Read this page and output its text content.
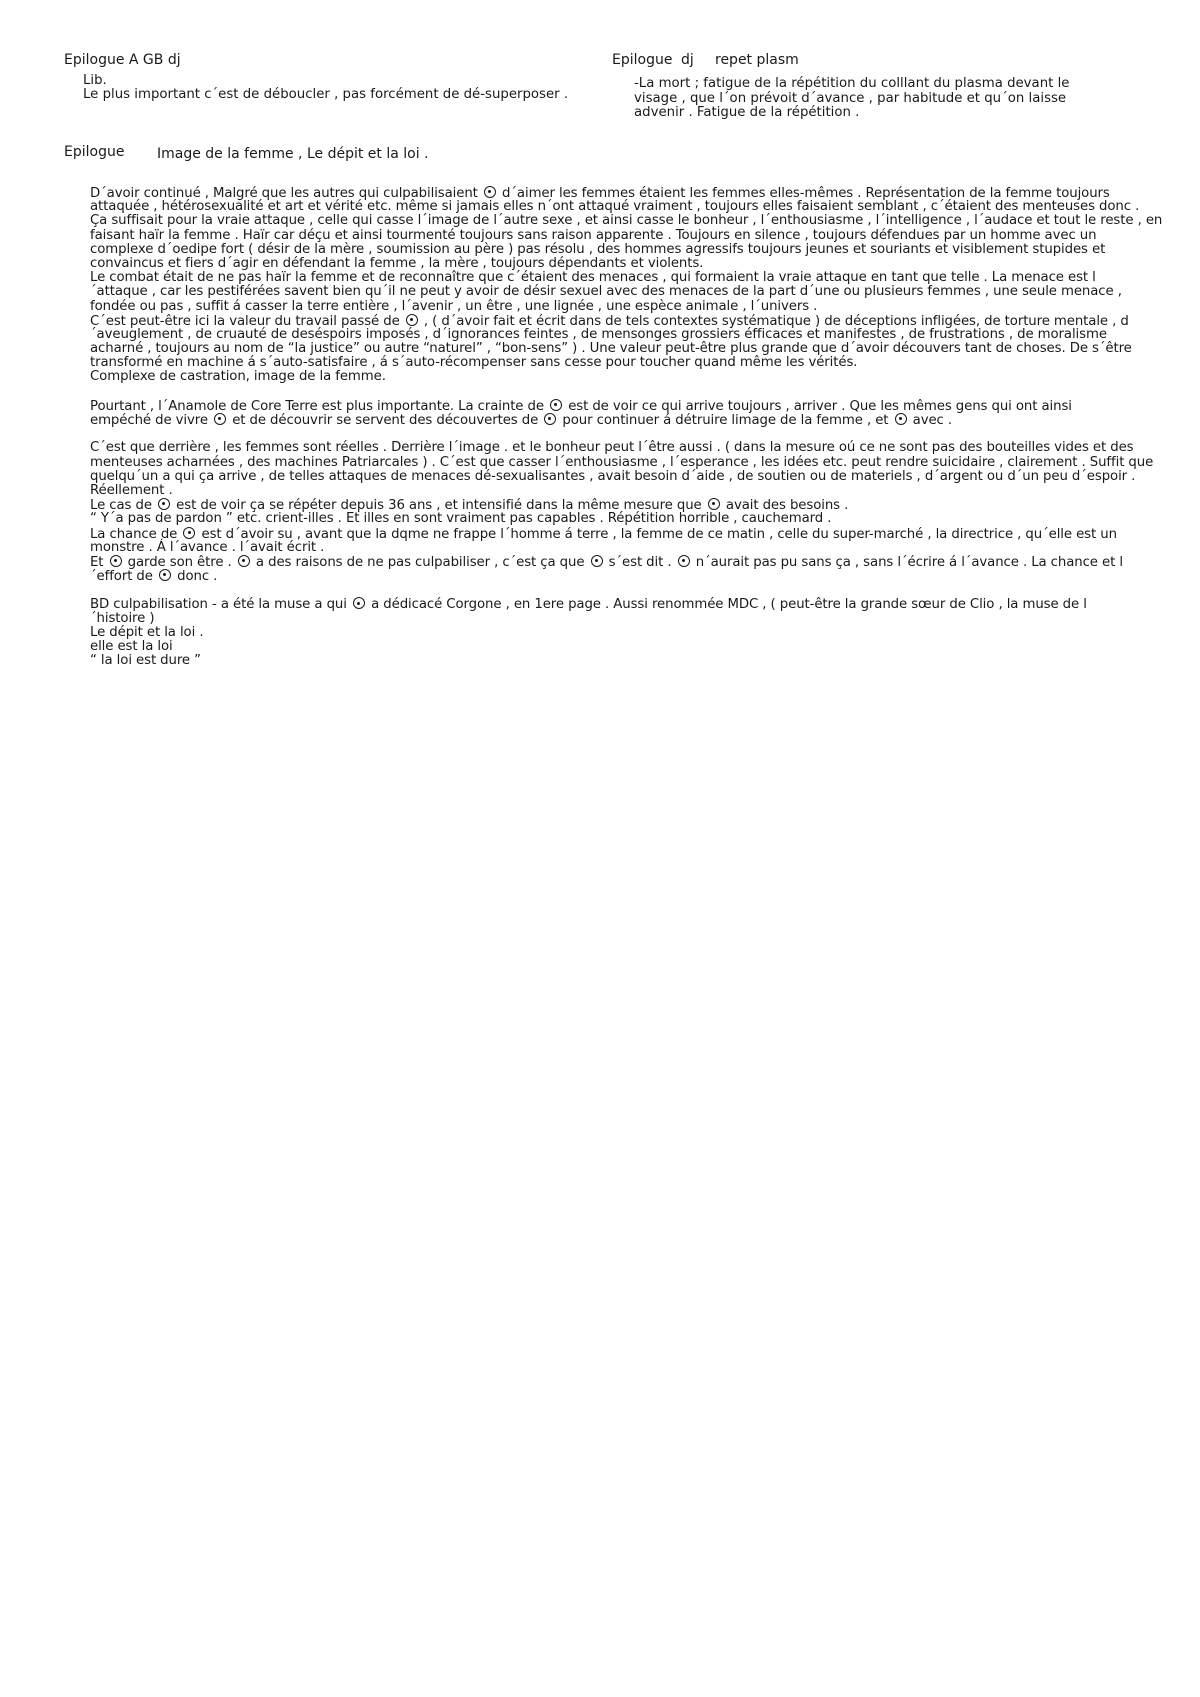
Epilogue A GB dj
Lib.
Le plus important c´est de déboucler , pas forcément de dé-superposer .
Epilogue dj repet plasm
-La mort ; fatigue de la répétition du colllant du plasma devant le
visage , que l´on prévoit d´avance , par habitude et qu´on laisse
advenir . Fatigue de la répétition .
Epilogue Image de la femme , Le dépit et la loi .
D´avoir continué , Malgré que les autres qui culpabilisaient  d´aimer les femmes étaient les femmes elles-mêmes . Représentation de la femme toujours
attaquée , hétérosexualité et art et vérité etc. même si jamais elles n´ont attaqué vraiment , toujours elles faisaient semblant , c´étaient des menteuses donc .
Ça suffisait pour la vraie attaque , celle qui casse l´image de l´autre sexe , et ainsi casse le bonheur , l´enthousiasme , l´intelligence , l´audace et tout le reste , en
faisant haïr la femme . Haïr car déçu et ainsi tourmenté toujours sans raison apparente . Toujours en silence , toujours défendues par un homme avec un
complexe d´oedipe fort ( désir de la mère , soumission au père ) pas résolu , des hommes agressifs toujours jeunes et souriants et visiblement stupides et
convaincus et fiers d´agir en défendant la femme , la mère , toujours dépendants et violents.
Le combat était de ne pas haïr la femme et de reconnaître que c´étaient des menaces , qui formaient la vraie attaque en tant que telle . La menace est l
´attaque , car les pestiférées savent bien qu´il ne peut y avoir de désir sexuel avec des menaces de la part d´une ou plusieurs femmes , une seule menace ,
fondée ou pas , suffit á casser la terre entière , l´avenir , un être , une lignée , une espèce animale , l´univers .
C´est peut-être ici la valeur du travail passé de  , ( d´avoir fait et écrit dans de tels contextes systématique ) de déceptions infligées, de torture mentale , d
´aveuglement , de cruauté de deséspoirs imposés , d´ignorances feintes , de mensonges grossiers éfficaces et manifestes , de frustrations , de moralisme
acharné , toujours au nom de “la justice” ou autre “naturel” , “bon-sens” ) . Une valeur peut-être plus grande que d´avoir découvers tant de choses. De s´être
transformé en machine á s´auto-satisfaire , á s´auto-récompenser sans cesse pour toucher quand même les vérités.
Complexe de castration, image de la femme.
Pourtant , l´Anamole de Core Terre est plus importante. La crainte de  est de voir ce qui arrive toujours , arriver . Que les mêmes gens qui ont ainsi
empéché de vivre  et de découvrir se servent des découvertes de  pour continuer á détruire limage de la femme , et  avec .
C´est que derrière , les femmes sont réelles . Derrière l´image . et le bonheur peut l´être aussi . ( dans la mesure oú ce ne sont pas des bouteilles vides et des
menteuses acharnées , des machines Patriarcales ) . C´est que casser l´enthousiasme , l´esperance , les idées etc. peut rendre suicidaire , clairement . Suffit que
quelqu´un a qui ça arrive , de telles attaques de menaces dé-sexualisantes , avait besoin d´aide , de soutien ou de materiels , d´argent ou d´un peu d´espoir .
Réellement .
Le cas de  est de voir ça se répéter depuis 36 ans , et intensifié dans la même mesure que  avait des besoins .
“ Y´a pas de pardon ” etc. crient-illes . Et illes en sont vraiment pas capables . Répétition horrible , cauchemard .
La chance de  est d´avoir su , avant que la dqme ne frappe l´homme á terre , la femme de ce matin , celle du super-marché , la directrice , qu´elle est un
monstre . Á l´avance . l´avait écrit .
Et  garde son être .  a des raisons de ne pas culpabiliser , c´est ça que  s´est dit .  n´aurait pas pu sans ça , sans l´écrire á l´avance . La chance et l
´effort de  donc .
BD culpabilisation - a été la muse a qui  a dédicacé Corgone , en 1ere page . Aussi renommée MDC , ( peut-être la grande sœur de Clio , la muse de l
´histoire )
Le dépit et la loi .
elle est la loi
“ la loi est dure ”
